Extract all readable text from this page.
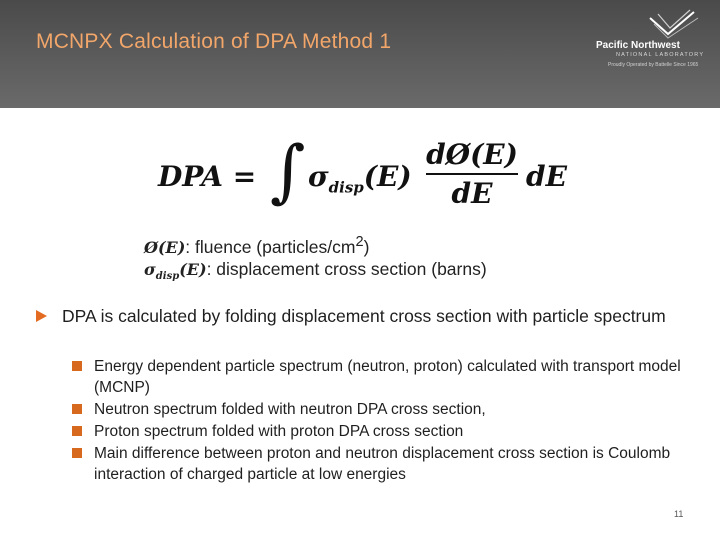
MCNPX Calculation of DPA Method 1	Pacific Northwest
NATIONAL LABORATORY
Proudly Operated by Battelle Since 1965
DPA = ∫ $\sigma_{disp}(E)$
dØ(E)
dE
dE
Ø(E): fluence $(particles/cm^2)$
$\sigma_{disp}(E)$: displacement cross section (barns)
DPA is calculated by folding displacement cross section with particle spectrum
Energy dependent particle spectrum (neutron, proton) calculated with transport model (MCNP)
Neutron spectrum folded with neutron DPA cross section,
Proton spectrum folded with proton DPA cross section
Main difference between proton and neutron displacement cross section is Coulomb interaction of charged particle at low energies
11
